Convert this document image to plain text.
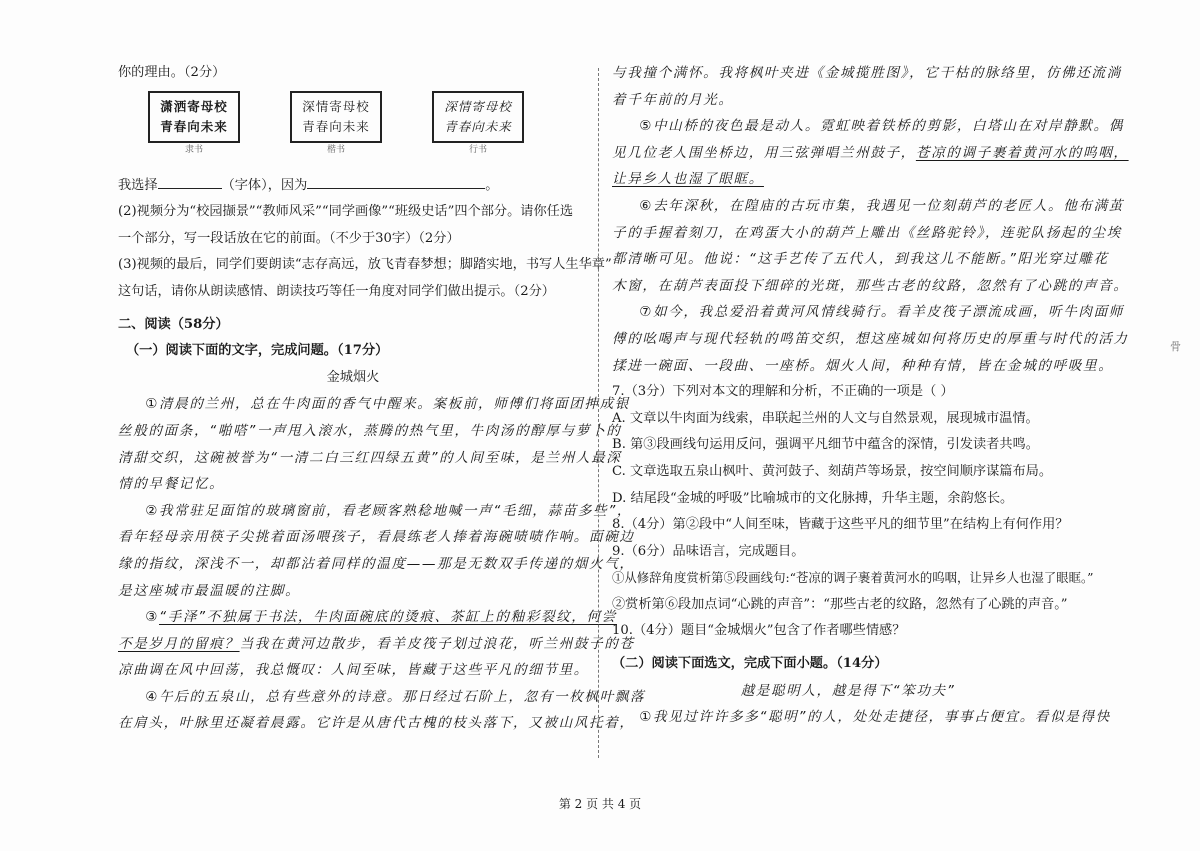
你的理由。（2分）
潇洒寄母校
青春向未来
隶书
深情寄母校
青春向未来
楷书
深情寄母校
青春向未来
行书
我选择	（字体），因为	。
(2)视频分为“校园撷景”“教师风采”“同学画像”“班级史话”四个部分。请你任选
一个部分，写一段话放在它的前面。（不少于30字）（2分）
(3)视频的最后，同学们要朗读“志存高远，放飞青春梦想；脚踏实地，书写人生华章”
这句话，请你从朗读感情、朗读技巧等任一角度对同学们做出提示。（2分）
二、阅读（58分）
（一）阅读下面的文字，完成问题。（17分）
金城烟火
①清晨的兰州，总在牛肉面的香气中醒来。案板前，师傅们将面团抻成银
丝般的面条，“啪嗒”一声甩入滚水，蒸腾的热气里，牛肉汤的醇厚与萝卜的
清甜交织，这碗被誉为“一清二白三红四绿五黄”的人间至味，是兰州人最深
情的早餐记忆。
②我常驻足面馆的玻璃窗前，看老顾客熟稔地喊一声“毛细，蒜苗多些”，
看年轻母亲用筷子尖挑着面汤喂孩子，看晨练老人捧着海碗啧啧作响。面碗边
缘的指纹，深浅不一，却都沾着同样的温度——那是无数双手传递的烟火气，
是这座城市最温暖的注脚。
③“手泽”不独属于书法，牛肉面碗底的烫痕、茶缸上的釉彩裂纹，何尝
不是岁月的留痕？当我在黄河边散步，看羊皮筏子划过浪花，听兰州鼓子的苍
凉曲调在风中回荡，我总慨叹：人间至味，皆藏于这些平凡的细节里。
④午后的五泉山，总有些意外的诗意。那日经过石阶上，忽有一枚枫叶飘落
在肩头，叶脉里还凝着晨露。它许是从唐代古槐的枝头落下，又被山风托着，
与我撞个满怀。我将枫叶夹进《金城揽胜图》，它干枯的脉络里，仿佛还流淌
着千年前的月光。
⑤中山桥的夜色最是动人。霓虹映着铁桥的剪影，白塔山在对岸静默。偶
见几位老人围坐桥边，用三弦弹唱兰州鼓子，苍凉的调子裹着黄河水的呜咽，
让异乡人也湿了眼眶。
⑥去年深秋，在隍庙的古玩市集，我遇见一位刻葫芦的老匠人。他布满茧
子的手握着刻刀，在鸡蛋大小的葫芦上雕出《丝路驼铃》，连驼队扬起的尘埃
都清晰可见。他说：“这手艺传了五代人，到我这儿不能断。”阳光穿过雕花
木窗，在葫芦表面投下细碎的光斑，那些古老的纹路，忽然有了心跳的声音。
⑦如今，我总爱沿着黄河风情线骑行。看羊皮筏子漂流成画，听牛肉面师
傅的吆喝声与现代轻轨的鸣笛交织，想这座城如何将历史的厚重与时代的活力
揉进一碗面、一段曲、一座桥。烟火人间，种种有情，皆在金城的呼吸里。
7.（3分）下列对本文的理解和分析，不正确的一项是（ ）
A. 文章以牛肉面为线索，串联起兰州的人文与自然景观，展现城市温情。
B. 第③段画线句运用反问，强调平凡细节中蕴含的深情，引发读者共鸣。
C. 文章选取五泉山枫叶、黄河鼓子、刻葫芦等场景，按空间顺序谋篇布局。
D. 结尾段“金城的呼吸”比喻城市的文化脉搏，升华主题，余韵悠长。
8.（4分）第②段中“人间至味，皆藏于这些平凡的细节里”在结构上有何作用？
9.（6分）品味语言，完成题目。
①从修辞角度赏析第⑤段画线句:“苍凉的调子裹着黄河水的呜咽，让异乡人也湿了眼眶。”
②赏析第⑥段加点词“心跳的声音”：“那些古老的纹路，忽然有了心跳的声音。”
10.（4分）题目“金城烟火”包含了作者哪些情感？
（二）阅读下面选文，完成下面小题。（14分）
越是聪明人，越是得下“笨功夫”
①我见过许许多多“聪明”的人，处处走捷径，事事占便宜。看似是得快
骨
第 2 页 共 4 页
